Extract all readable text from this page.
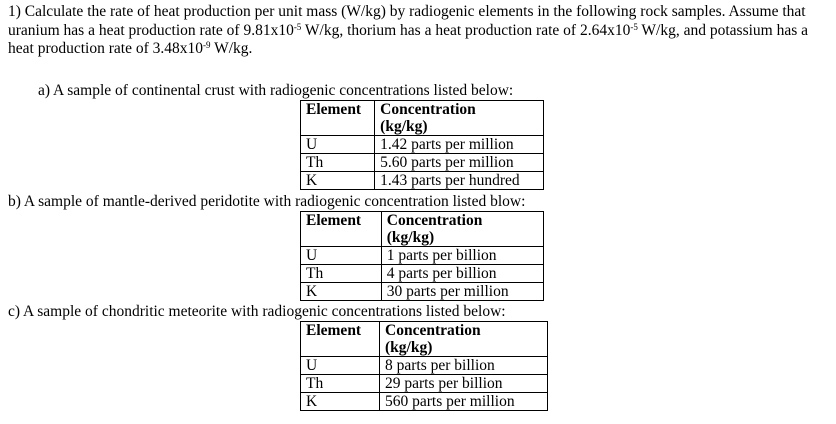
1) Calculate the rate of heat production per unit mass (W/kg) by radiogenic elements in the following rock samples. Assume that uranium has a heat production rate of $9.81x10^{-5}$ W/kg, thorium has a heat production rate of $2.64x10^{-5}$ W/kg, and potassium has a heat production rate of $3.48x10^{-9}$ W/kg.
a) A sample of continental crust with radiogenic concentrations listed below:
Element	Concentration
(kg/kg)
U	1.42 parts per million
Th	5.60 parts per million
K	1.43 parts per hundred
b) A sample of mantle-derived peridotite with radiogenic concentration listed blow:
Element	Concentration
(kg/kg)
U	1 parts per billion
Th	4 parts per billion
K	30 parts per million
c) A sample of chondritic meteorite with radiogenic concentrations listed below:
Element	Concentration
(kg/kg)
U	8 parts per billion
Th	29 parts per billion
K	560 parts per million
